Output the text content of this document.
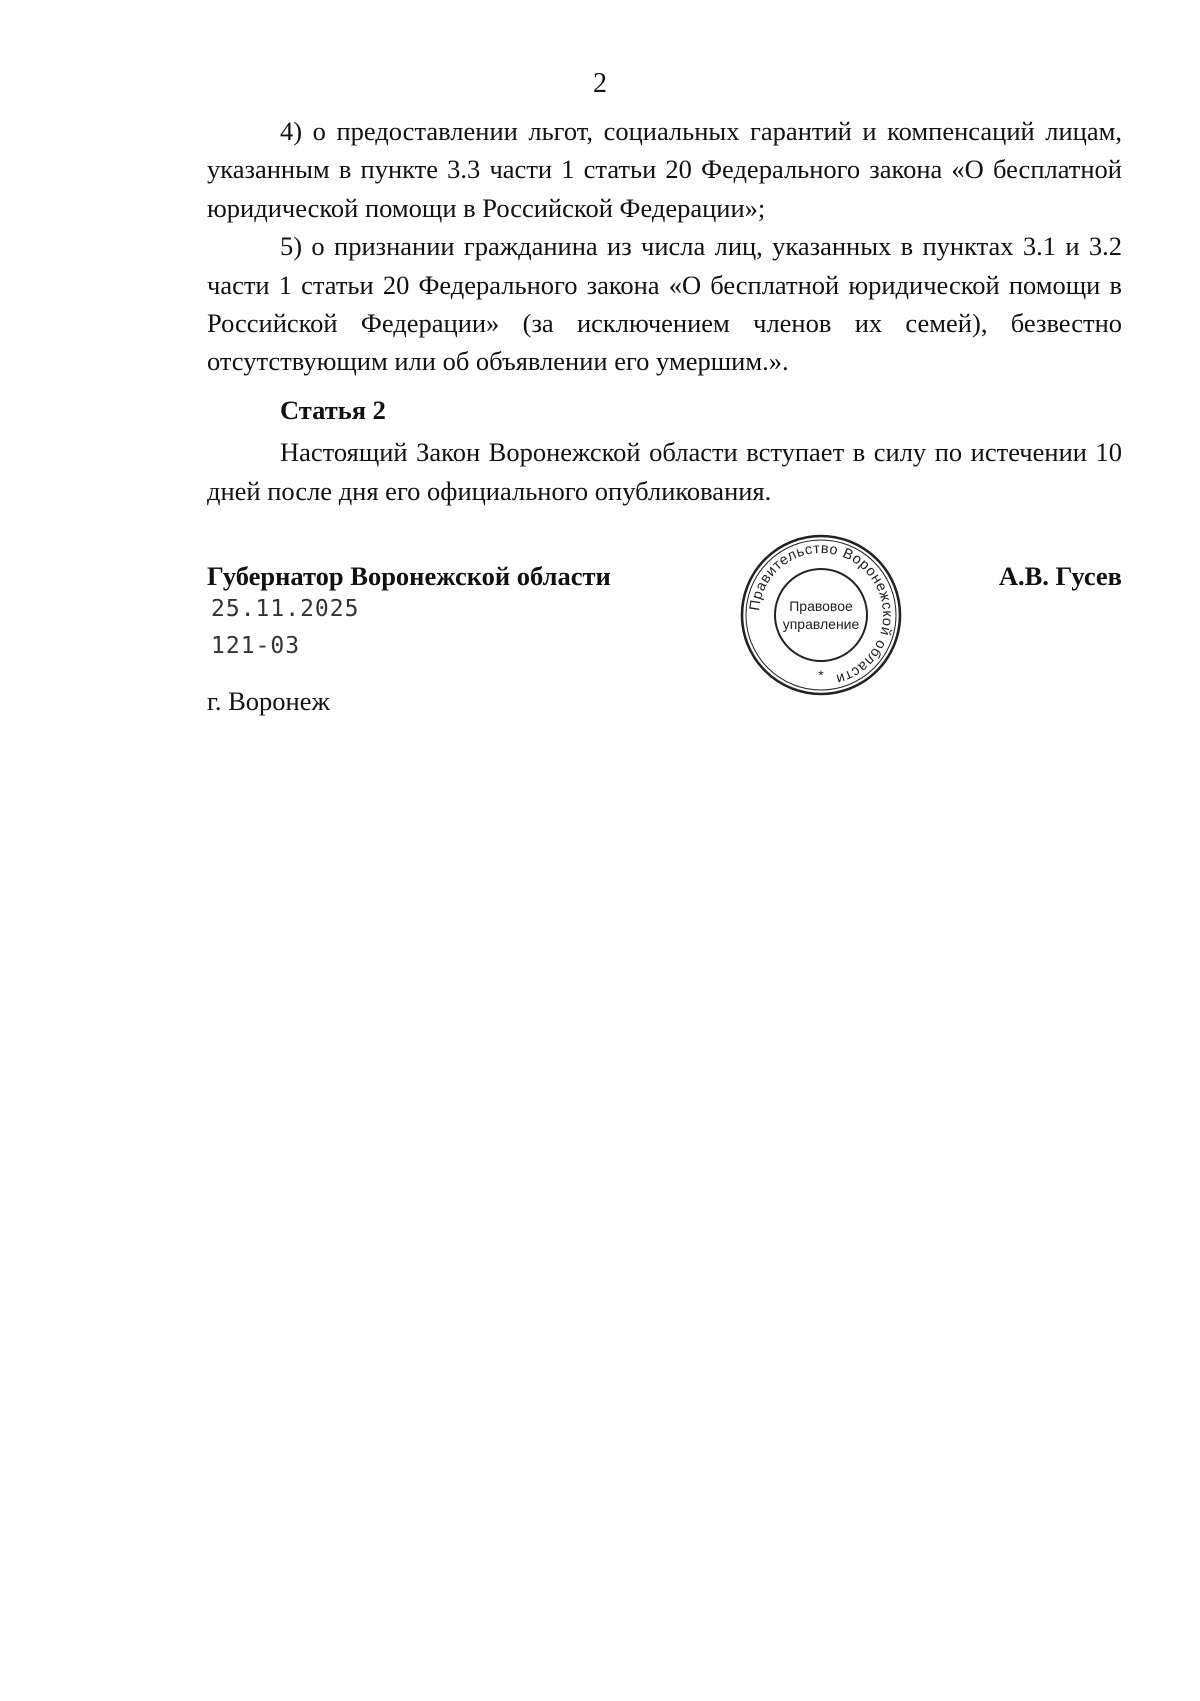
2

4) о предоставлении льгот, социальных гарантий и компенсаций лицам, указанным в пункте 3.3 части 1 статьи 20 Федерального закона «О бесплатной юридической помощи в Российской Федерации»;

5) о признании гражданина из числа лиц, указанных в пунктах 3.1 и 3.2 части 1 статьи 20 Федерального закона «О бесплатной юридической помощи в Российской Федерации» (за исключением членов их семей), безвестно отсутствующим или об объявлении его умершим.».

Статья 2

Настоящий Закон Воронежской области вступает в силу по истечении 10 дней после дня его официального опубликования.

Губернатор Воронежской области
25.11.2025
121-03
г. Воронеж
А.В. Гусев
Правительство Воронежской области
Правовое
управление
*
